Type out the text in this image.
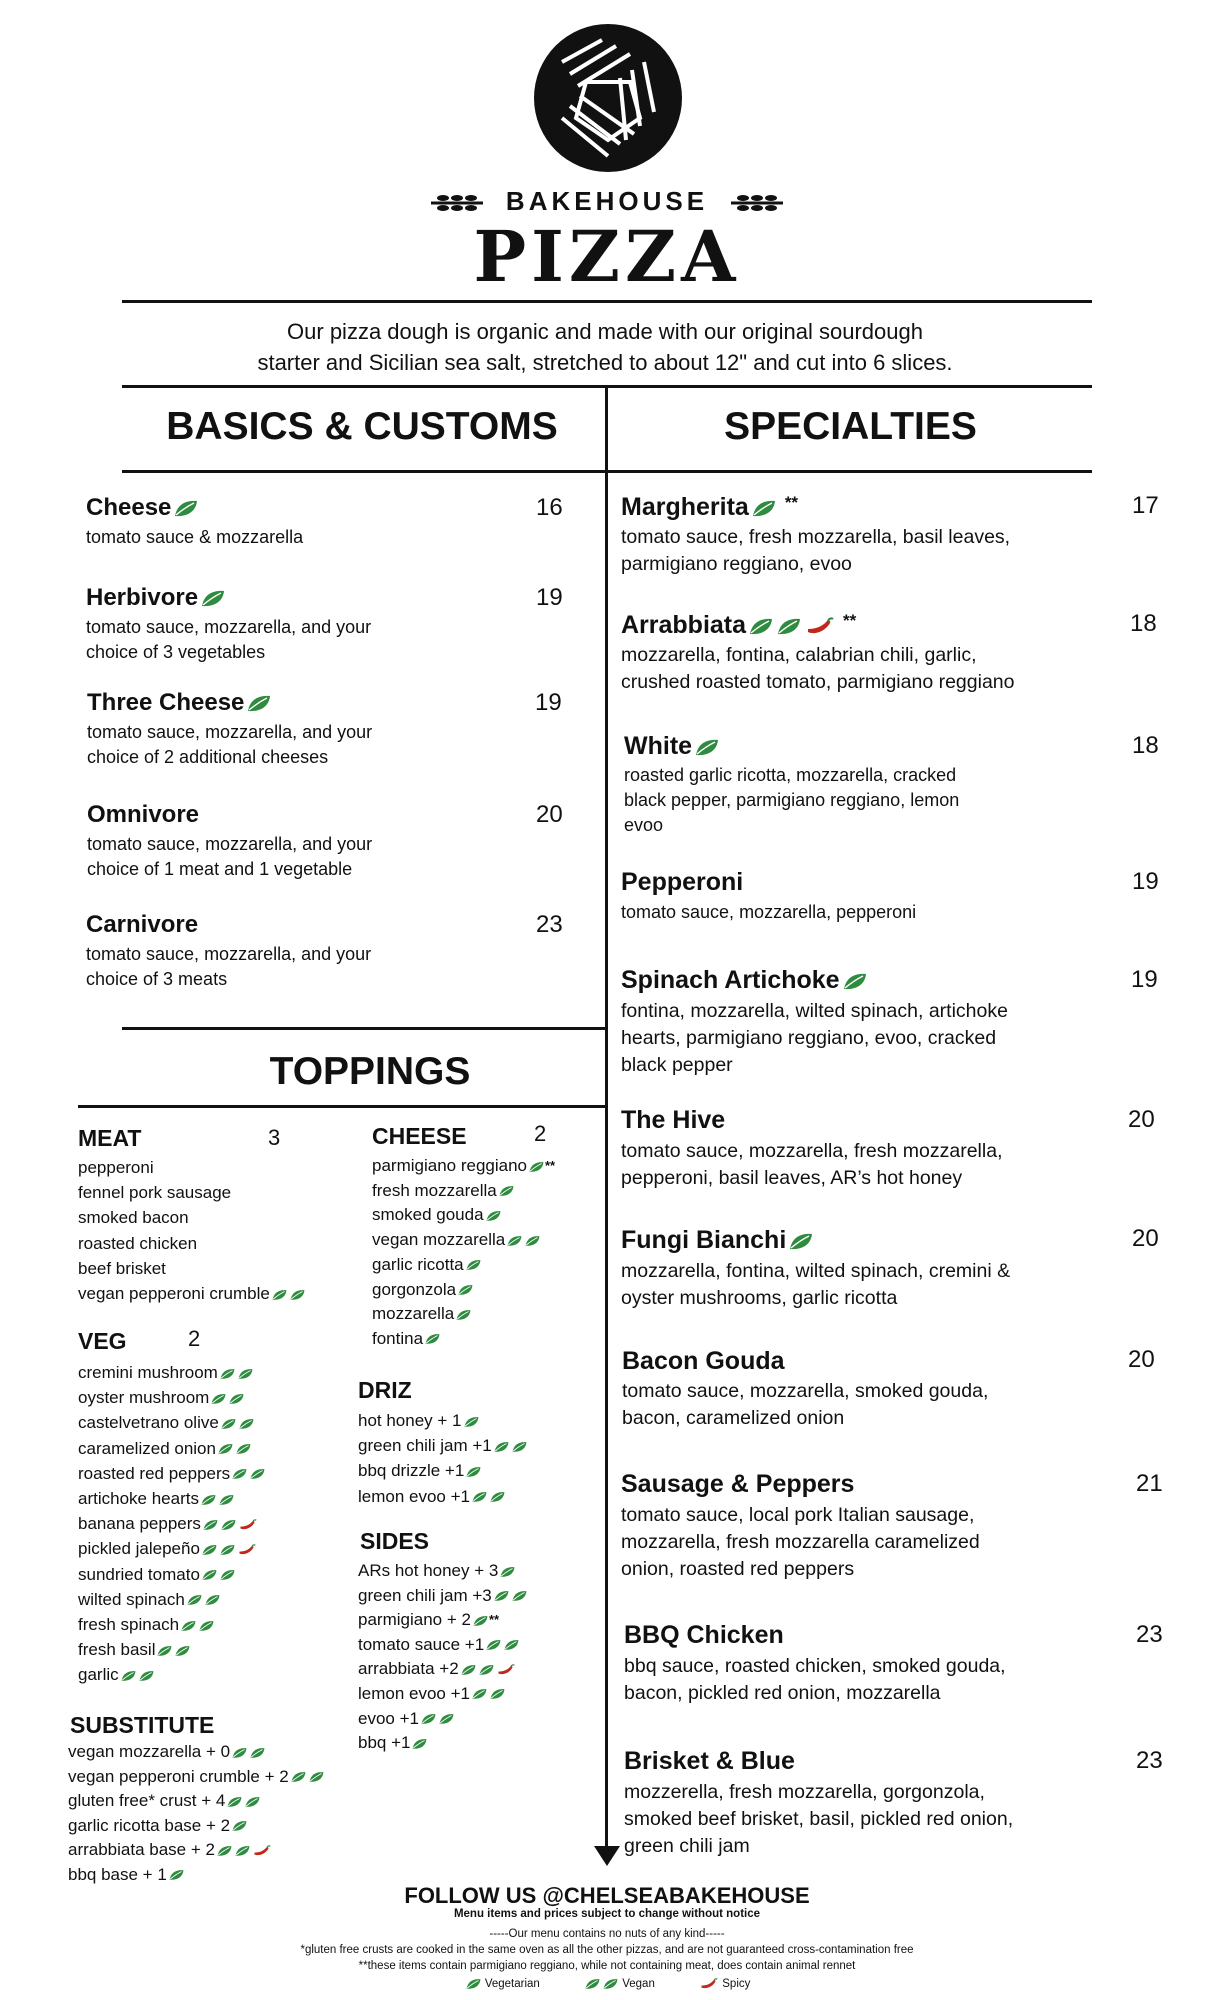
BAKEHOUSE
PIZZA
Our pizza dough is organic and made with our original sourdough
starter and Sicilian sea salt, stretched to about 12" and cut into 6 slices.
BASICS & CUSTOMS	SPECIALTIES
Cheese	16
tomato sauce & mozzarella
Herbivore	19
tomato sauce, mozzarella, and your
choice of 3 vegetables
Three Cheese	19
tomato sauce, mozzarella, and your
choice of 2 additional cheeses
Omnivore	20
tomato sauce, mozzarella, and your
choice of 1 meat and 1 vegetable
Carnivore	23
tomato sauce, mozzarella, and your
choice of 3 meats
TOPPINGS
MEAT	3
pepperoni
fennel pork sausage
smoked bacon
roasted chicken
beef brisket
vegan pepperoni crumble
VEG	2
cremini mushroom
oyster mushroom
castelvetrano olive
caramelized onion
roasted red peppers
artichoke hearts
banana peppers
pickled jalepeño
sundried tomato
wilted spinach
fresh spinach
fresh basil
garlic
SUBSTITUTE
vegan mozzarella + 0
vegan pepperoni crumble + 2
gluten free* crust + 4
garlic ricotta base + 2
arrabbiata base + 2
bbq base + 1
CHEESE	2
parmigiano reggiano **
fresh mozzarella
smoked gouda
vegan mozzarella
garlic ricotta
gorgonzola
mozzarella
fontina
DRIZ
hot honey + 1
green chili jam +1
bbq drizzle +1
lemon evoo +1
SIDES
ARs hot honey + 3
green chili jam +3
parmigiano + 2 **
tomato sauce +1
arrabbiata +2
lemon evoo +1
evoo +1
bbq +1
Margherita **	17
tomato sauce, fresh mozzarella, basil leaves,
parmigiano reggiano, evoo
Arrabbiata	**	18
mozzarella, fontina, calabrian chili, garlic,
crushed roasted tomato, parmigiano reggiano
White	18
roasted garlic ricotta, mozzarella, cracked
black pepper, parmigiano reggiano, lemon
evoo
Pepperoni	19
tomato sauce, mozzarella, pepperoni
Spinach Artichoke	19
fontina, mozzarella, wilted spinach, artichoke
hearts, parmigiano reggiano, evoo, cracked
black pepper
The Hive	20
tomato sauce, mozzarella, fresh mozzarella,
pepperoni, basil leaves, AR’s hot honey
Fungi Bianchi	20
mozzarella, fontina, wilted spinach, cremini &
oyster mushrooms, garlic ricotta
Bacon Gouda	20
tomato sauce, mozzarella, smoked gouda,
bacon, caramelized onion
Sausage & Peppers	21
tomato sauce, local pork Italian sausage,
mozzarella, fresh mozzarella caramelized
onion, roasted red peppers
BBQ Chicken	23
bbq sauce, roasted chicken, smoked gouda,
bacon, pickled red onion, mozzarella
Brisket & Blue	23
mozzerella, fresh mozzarella, gorgonzola,
smoked beef brisket, basil, pickled red onion,
green chili jam
FOLLOW US @CHELSEABAKEHOUSE
Menu items and prices subject to change without notice
-----Our menu contains no nuts of any kind-----
*gluten free crusts are cooked in the same oven as all the other pizzas, and are not guaranteed cross-contamination free
**these items contain parmigiano reggiano, while not containing meat, does contain animal rennet
Vegetarian	Vegan	Spicy
